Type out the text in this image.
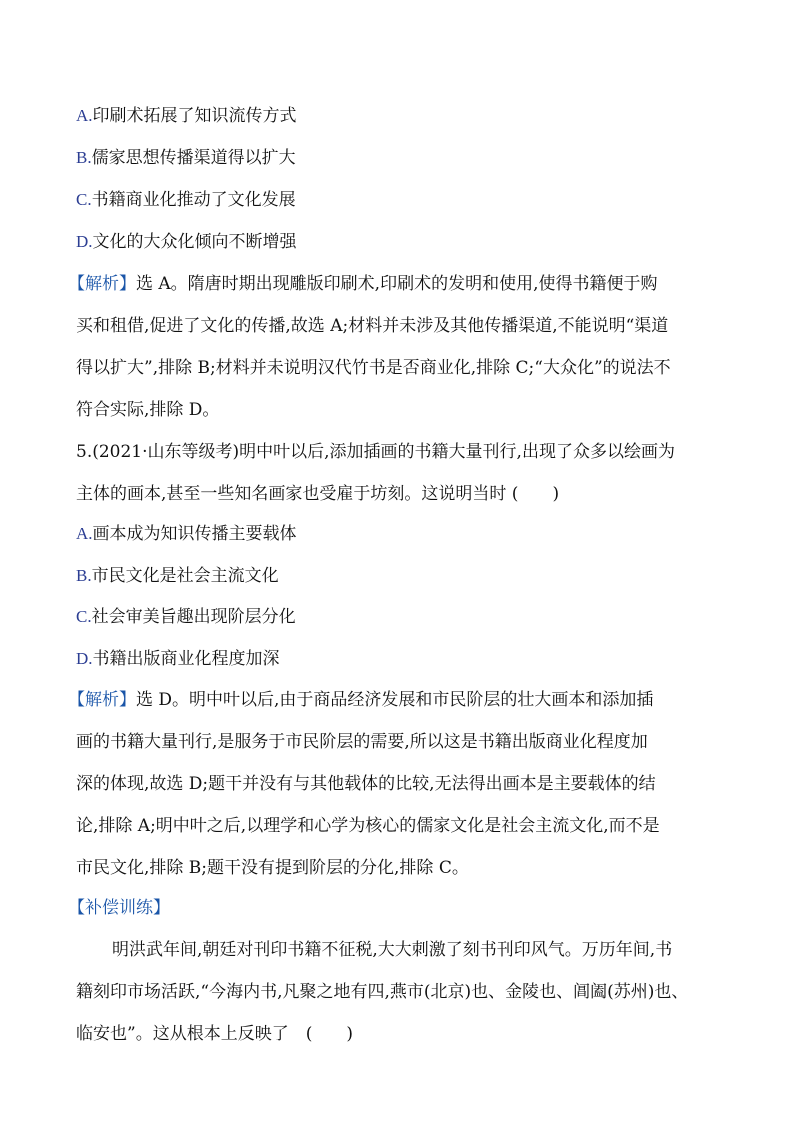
A.印刷术拓展了知识流传方式
B.儒家思想传播渠道得以扩大
C.书籍商业化推动了文化发展
D.文化的大众化倾向不断增强
【解析】选 A。隋唐时期出现雕版印刷术,印刷术的发明和使用,使得书籍便于购
买和租借,促进了文化的传播,故选 A;材料并未涉及其他传播渠道,不能说明“渠道
得以扩大”,排除 B;材料并未说明汉代竹书是否商业化,排除 C;“大众化”的说法不
符合实际,排除 D。
5.(2021·山东等级考)明中叶以后,添加插画的书籍大量刊行,出现了众多以绘画为
主体的画本,甚至一些知名画家也受雇于坊刻。这说明当时 (　　)
A.画本成为知识传播主要载体
B.市民文化是社会主流文化
C.社会审美旨趣出现阶层分化
D.书籍出版商业化程度加深
【解析】选 D。明中叶以后,由于商品经济发展和市民阶层的壮大画本和添加插
画的书籍大量刊行,是服务于市民阶层的需要,所以这是书籍出版商业化程度加
深的体现,故选 D;题干并没有与其他载体的比较,无法得出画本是主要载体的结
论,排除 A;明中叶之后,以理学和心学为核心的儒家文化是社会主流文化,而不是
市民文化,排除 B;题干没有提到阶层的分化,排除 C。
【补偿训练】
明洪武年间,朝廷对刊印书籍不征税,大大刺激了刻书刊印风气。万历年间,书
籍刻印市场活跃,“今海内书,凡聚之地有四,燕市(北京)也、金陵也、阊阖(苏州)也、
临安也”。这从根本上反映了　(　　)
